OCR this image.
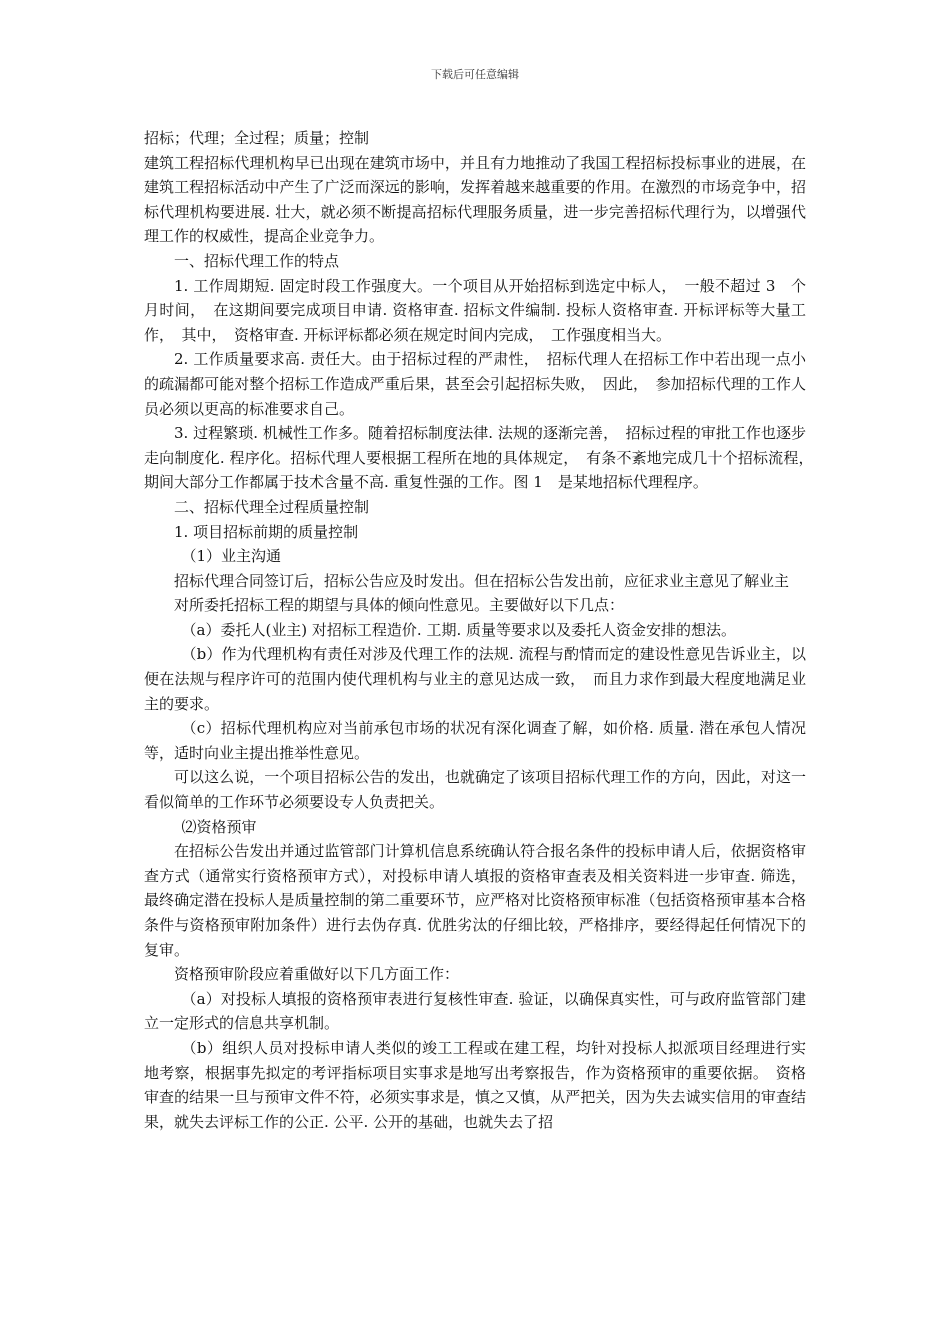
下载后可任意编辑

招标；代理；全过程；质量；控制

建筑工程招标代理机构早已出现在建筑市场中，并且有力地推动了我国工程招标投标事业的进展，在建筑工程招标活动中产生了广泛而深远的影响，发挥着越来越重要的作用。在激烈的市场竞争中，招标代理机构要进展. 壮大，就必须不断提高招标代理服务质量，进一步完善招标代理行为，以增强代理工作的权威性，提高企业竞争力。

一、招标代理工作的特点

1. 工作周期短. 固定时段工作强度大。一个项目从开始招标到选定中标人，　一般不超过 3　个月时间，　在这期间要完成项目申请. 资格审查. 招标文件编制. 投标人资格审查. 开标评标等大量工作，　其中，　资格审查. 开标评标都必须在规定时间内完成，　工作强度相当大。

2. 工作质量要求高. 责任大。由于招标过程的严肃性，　招标代理人在招标工作中若出现一点小的疏漏都可能对整个招标工作造成严重后果，甚至会引起招标失败，　因此，　参加招标代理的工作人员必须以更高的标准要求自己。

3. 过程繁琐. 机械性工作多。随着招标制度法律. 法规的逐渐完善，　招标过程的审批工作也逐步走向制度化. 程序化。招标代理人要根据工程所在地的具体规定，　有条不紊地完成几十个招标流程，　期间大部分工作都属于技术含量不高. 重复性强的工作。图 1　是某地招标代理程序。

二、招标代理全过程质量控制

1. 项目招标前期的质量控制

（1）业主沟通

招标代理合同签订后，招标公告应及时发出。但在招标公告发出前，应征求业主意见了解业主

对所委托招标工程的期望与具体的倾向性意见。主要做好以下几点：

（a）委托人(业主) 对招标工程造价. 工期. 质量等要求以及委托人资金安排的想法。

（b）作为代理机构有责任对涉及代理工作的法规. 流程与酌情而定的建设性意见告诉业主，以便在法规与程序许可的范围内使代理机构与业主的意见达成一致，　而且力求作到最大程度地满足业主的要求。

（c）招标代理机构应对当前承包市场的状况有深化调查了解，如价格. 质量. 潜在承包人情况等，适时向业主提出推举性意见。

可以这么说，一个项目招标公告的发出，也就确定了该项目招标代理工作的方向，因此，对这一看似简单的工作环节必须要设专人负责把关。

⑵资格预审

在招标公告发出并通过监管部门计算机信息系统确认符合报名条件的投标申请人后，依据资格审查方式（通常实行资格预审方式），对投标申请人填报的资格审查表及相关资料进一步审查. 筛选，最终确定潜在投标人是质量控制的第二重要环节，应严格对比资格预审标准（包括资格预审基本合格条件与资格预审附加条件）进行去伪存真. 优胜劣汰的仔细比较，严格排序，要经得起任何情况下的复审。

资格预审阶段应着重做好以下几方面工作：

（a）对投标人填报的资格预审表进行复核性审查. 验证，以确保真实性，可与政府监管部门建立一定形式的信息共享机制。

（b）组织人员对投标申请人类似的竣工工程或在建工程，均针对投标人拟派项目经理进行实地考察，根据事先拟定的考评指标项目实事求是地写出考察报告，作为资格预审的重要依据。　资格审查的结果一旦与预审文件不符，必须实事求是，慎之又慎，从严把关，因为失去诚实信用的审查结果，就失去评标工作的公正. 公平. 公开的基础，也就失去了招
